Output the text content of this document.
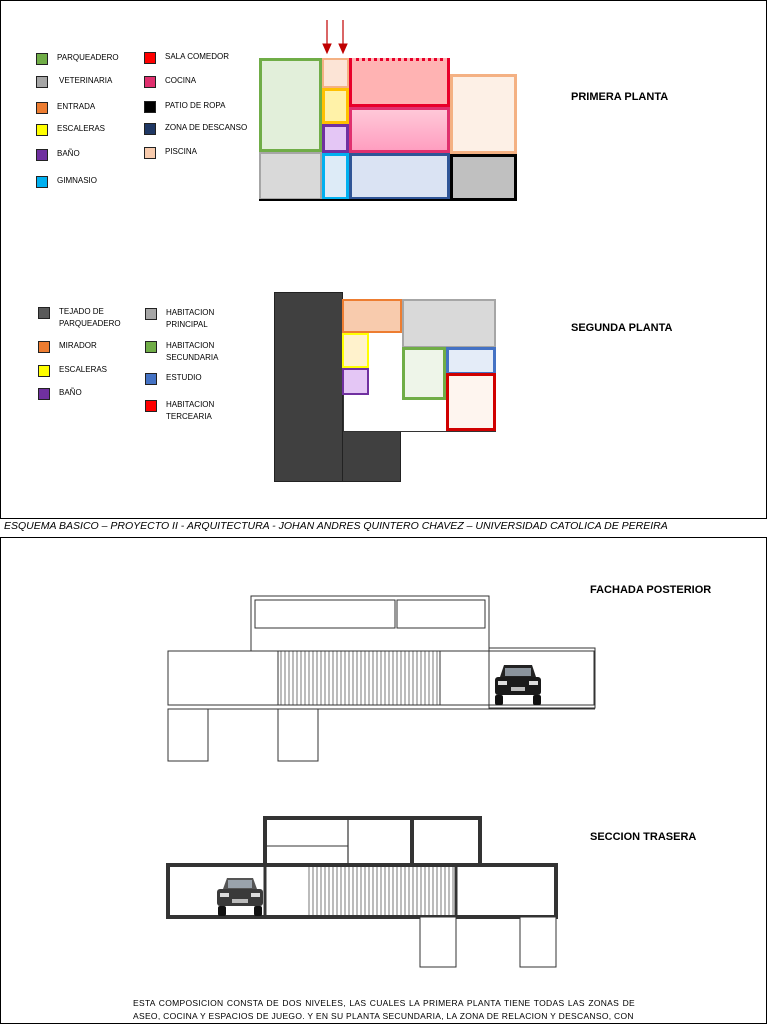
PARQUEADERO
VETERINARIA
ENTRADA
ESCALERAS
BAÑO
GIMNASIO
SALA COMEDOR
COCINA
PATIO DE ROPA
ZONA DE DESCANSO
PISCINA
PRIMERA PLANTA
TEJADO DE PARQUEADERO
MIRADOR
ESCALERAS
BAÑO
HABITACION PRINCIPAL
HABITACION SECUNDARIA
ESTUDIO
HABITACION TERCEARIA
SEGUNDA PLANTA
ESQUEMA BASICO – PROYECTO II - ARQUITECTURA - JOHAN ANDRES QUINTERO CHAVEZ – UNIVERSIDAD CATOLICA DE PEREIRA
FACHADA POSTERIOR
SECCION TRASERA
ESTA COMPOSICION CONSTA DE DOS NIVELES, LAS CUALES LA PRIMERA PLANTA TIENE TODAS LAS ZONAS DE ASEO, COCINA Y ESPACIOS DE JUEGO. Y EN SU PLANTA SECUNDARIA, LA ZONA DE RELACION Y DESCANSO, CON
